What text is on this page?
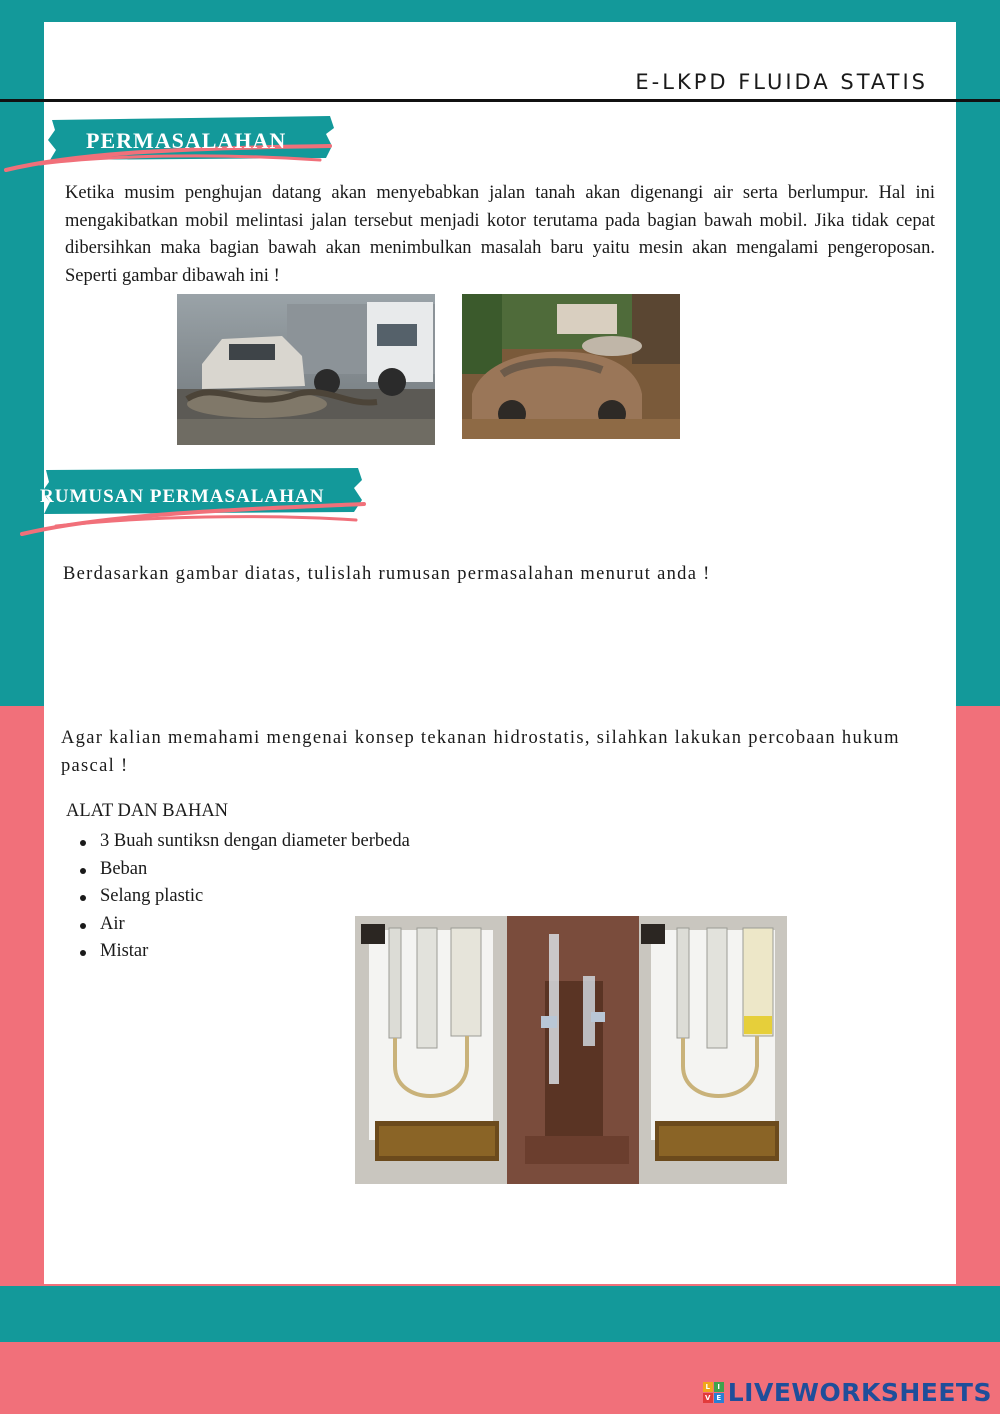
E-LKPD FLUIDA STATIS
PERMASALAHAN
Ketika musim penghujan datang akan menyebabkan jalan tanah akan digenangi air serta berlumpur. Hal ini mengakibatkan mobil melintasi jalan tersebut menjadi kotor terutama pada bagian bawah mobil. Jika tidak cepat dibersihkan maka bagian bawah akan menimbulkan masalah baru yaitu mesin akan mengalami pengeroposan. Seperti gambar dibawah ini !
RUMUSAN PERMASALAHAN
Berdasarkan gambar diatas, tulislah rumusan permasalahan menurut anda !
Agar kalian memahami mengenai konsep tekanan hidrostatis, silahkan lakukan percobaan hukum pascal !
ALAT DAN BAHAN
3 Buah suntiksn dengan diameter berbeda
Beban
Selang plastic
Air
Mistar
L	I
V E LIVEWORKSHEETS
